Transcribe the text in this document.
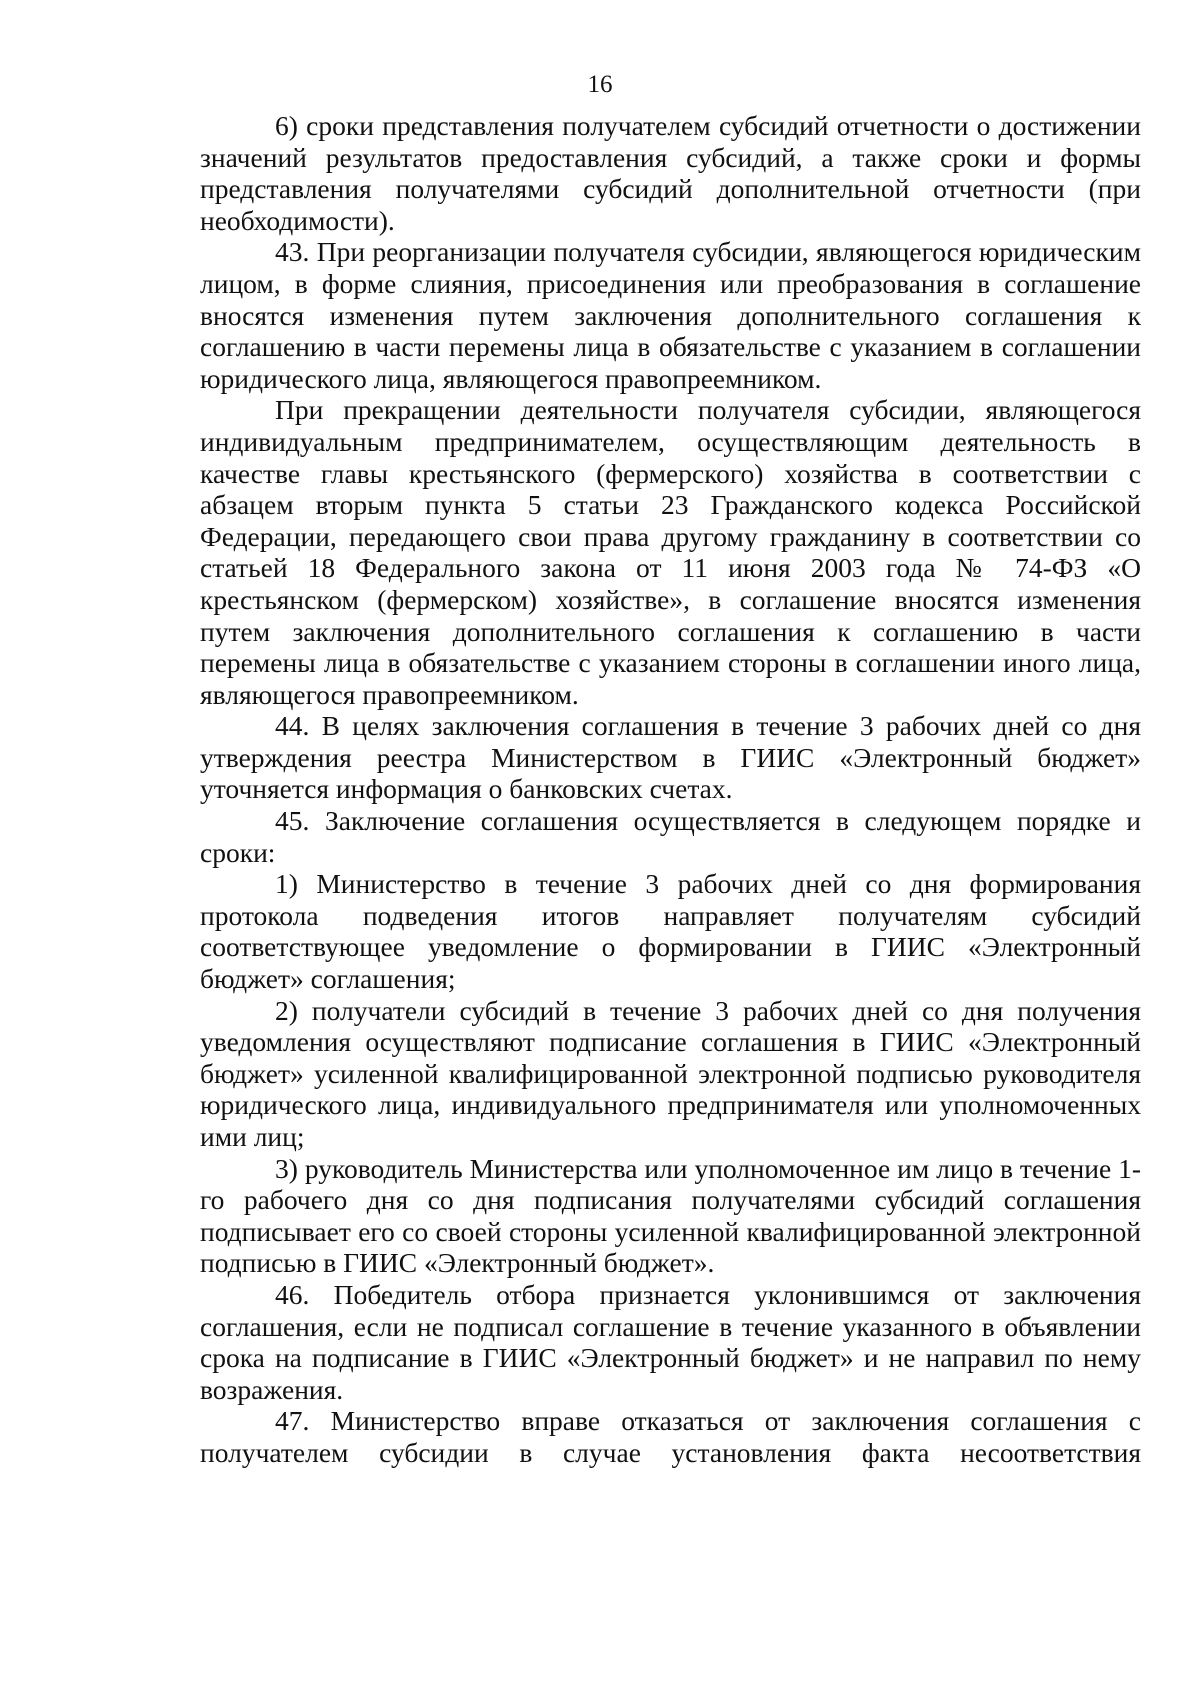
16

6) сроки представления получателем субсидий отчетности о достижении значений результатов предоставления субсидий, а также сроки и формы представления получателями субсидий дополнительной отчетности (при необходимости).

43. При реорганизации получателя субсидии, являющегося юридическим лицом, в форме слияния, присоединения или преобразования в соглашение вносятся изменения путем заключения дополнительного соглашения к соглашению в части перемены лица в обязательстве с указанием в соглашении юридического лица, являющегося правопреемником.

При прекращении деятельности получателя субсидии, являющегося индивидуальным предпринимателем, осуществляющим деятельность в качестве главы крестьянского (фермерского) хозяйства в соответствии с абзацем вторым пункта 5 статьи 23 Гражданского кодекса Российской Федерации, передающего свои права другому гражданину в соответствии со статьей 18 Федерального закона от 11 июня 2003 года № 74-ФЗ «О крестьянском (фермерском) хозяйстве», в соглашение вносятся изменения путем заключения дополнительного соглашения к соглашению в части перемены лица в обязательстве с указанием стороны в соглашении иного лица, являющегося правопреемником.

44. В целях заключения соглашения в течение 3 рабочих дней со дня утверждения реестра Министерством в ГИИС «Электронный бюджет» уточняется информация о банковских счетах.

45. Заключение соглашения осуществляется в следующем порядке и сроки:

1) Министерство в течение 3 рабочих дней со дня формирования протокола подведения итогов направляет получателям субсидий соответствующее уведомление о формировании в ГИИС «Электронный бюджет» соглашения;

2) получатели субсидий в течение 3 рабочих дней со дня получения уведомления осуществляют подписание соглашения в ГИИС «Электронный бюджет» усиленной квалифицированной электронной подписью руководителя юридического лица, индивидуального предпринимателя или уполномоченных ими лиц;

3) руководитель Министерства или уполномоченное им лицо в течение 1-го рабочего дня со дня подписания получателями субсидий соглашения подписывает его со своей стороны усиленной квалифицированной электронной подписью в ГИИС «Электронный бюджет».

46. Победитель отбора признается уклонившимся от заключения соглашения, если не подписал соглашение в течение указанного в объявлении срока на подписание в ГИИС «Электронный бюджет» и не направил по нему возражения.

47. Министерство вправе отказаться от заключения соглашения с получателем субсидии в случае установления факта несоответствия
